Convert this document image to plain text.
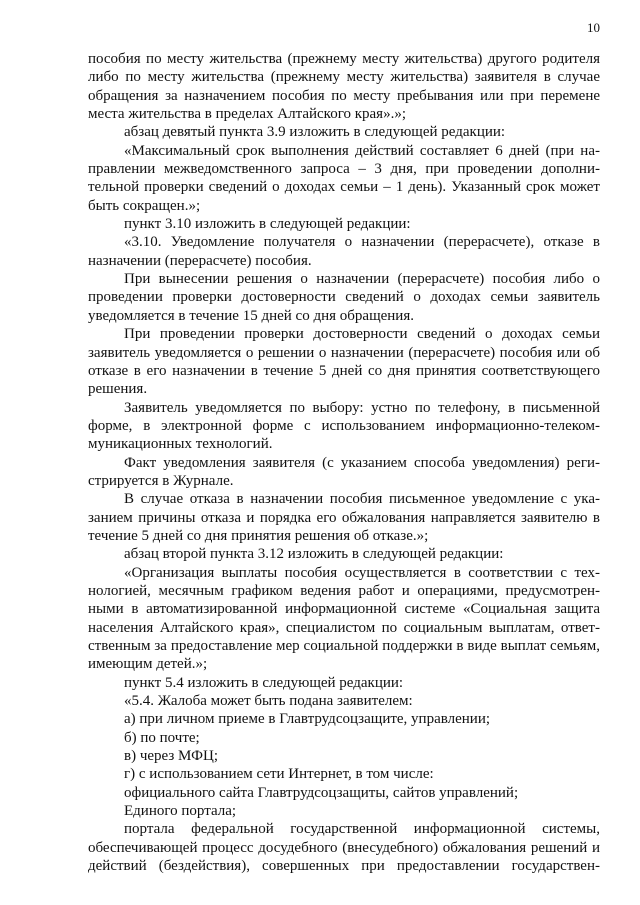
10

пособия по месту жительства (прежнему месту жительства) другого родителя либо по месту жительства (прежнему месту жительства) заявителя в случае обращения за назначением пособия по месту пребывания или при перемене места жительства в пределах Алтайского края».»;

абзац девятый пункта 3.9 изложить в следующей редакции:

«Максимальный срок выполнения действий составляет 6 дней (при направлении межведомственного запроса – 3 дня, при проведении дополнительной проверки сведений о доходах семьи – 1 день). Указанный срок может быть сокращен.»;

пункт 3.10 изложить в следующей редакции:

«3.10. Уведомление получателя о назначении (перерасчете), отказе в назначении (перерасчете) пособия.

При вынесении решения о назначении (перерасчете) пособия либо о проведении проверки достоверности сведений о доходах семьи заявитель уведомляется в течение 15 дней со дня обращения.

При проведении проверки достоверности сведений о доходах семьи заявитель уведомляется о решении о назначении (перерасчете) пособия или об отказе в его назначении в течение 5 дней со дня принятия соответствующего решения.

Заявитель уведомляется по выбору: устно по телефону, в письменной форме, в электронной форме с использованием информационно-телекоммуникационных технологий.

Факт уведомления заявителя (с указанием способа уведомления) регистрируется в Журнале.

В случае отказа в назначении пособия письменное уведомление с указанием причины отказа и порядка его обжалования направляется заявителю в течение 5 дней со дня принятия решения об отказе.»;

абзац второй пункта 3.12 изложить в следующей редакции:

«Организация выплаты пособия осуществляется в соответствии с технологией, месячным графиком ведения работ и операциями, предусмотренными в автоматизированной информационной системе «Социальная защита населения Алтайского края», специалистом по социальным выплатам, ответственным за предоставление мер социальной поддержки в виде выплат семьям, имеющим детей.»;

пункт 5.4 изложить в следующей редакции:

«5.4. Жалоба может быть подана заявителем:

а) при личном приеме в Главтрудсоцзащите, управлении;

б) по почте;

в) через МФЦ;

г) с использованием сети Интернет, в том числе:

официального сайта Главтрудсоцзащиты, сайтов управлений;

Единого портала;

портала федеральной государственной информационной системы, обеспечивающей процесс досудебного (внесудебного) обжалования решений и действий (бездействия), совершенных при предоставлении государствен-
